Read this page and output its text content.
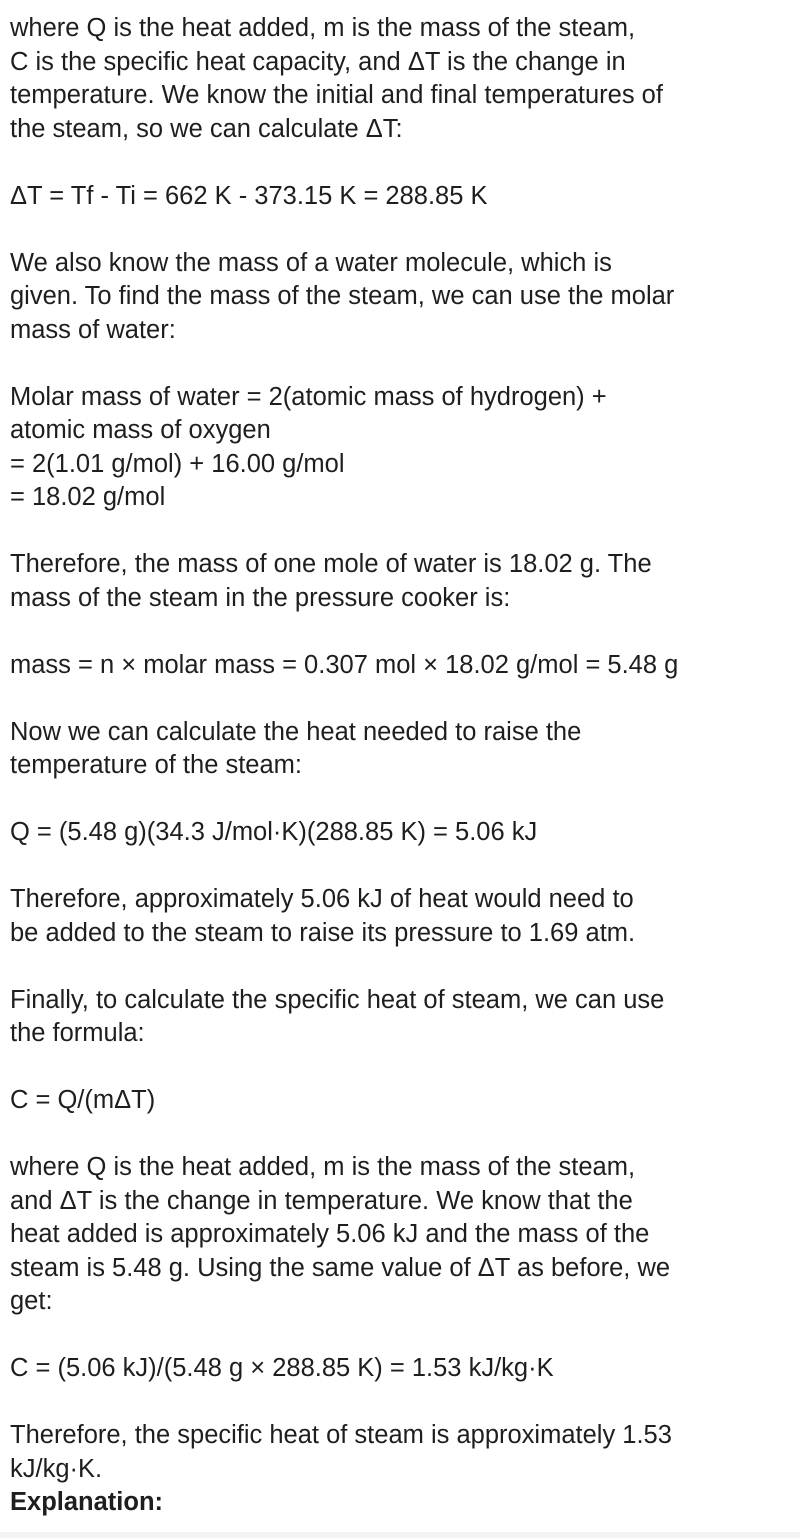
where Q is the heat added, m is the mass of the steam,
C is the specific heat capacity, and ΔT is the change in
temperature. We know the initial and final temperatures of
the steam, so we can calculate ΔT:

ΔT = Tf - Ti = 662 K - 373.15 K = 288.85 K

We also know the mass of a water molecule, which is
given. To find the mass of the steam, we can use the molar
mass of water:

Molar mass of water = 2(atomic mass of hydrogen) +
atomic mass of oxygen
= 2(1.01 g/mol) + 16.00 g/mol
= 18.02 g/mol

Therefore, the mass of one mole of water is 18.02 g. The
mass of the steam in the pressure cooker is:

mass = n × molar mass = 0.307 mol × 18.02 g/mol = 5.48 g

Now we can calculate the heat needed to raise the
temperature of the steam:

Q = (5.48 g)(34.3 J/mol·K)(288.85 K) = 5.06 kJ

Therefore, approximately 5.06 kJ of heat would need to
be added to the steam to raise its pressure to 1.69 atm.

Finally, to calculate the specific heat of steam, we can use
the formula:

C = Q/(mΔT)

where Q is the heat added, m is the mass of the steam,
and ΔT is the change in temperature. We know that the
heat added is approximately 5.06 kJ and the mass of the
steam is 5.48 g. Using the same value of ΔT as before, we
get:

C = (5.06 kJ)/(5.48 g × 288.85 K) = 1.53 kJ/kg·K

Therefore, the specific heat of steam is approximately 1.53
kJ/kg·K.

Explanation:
